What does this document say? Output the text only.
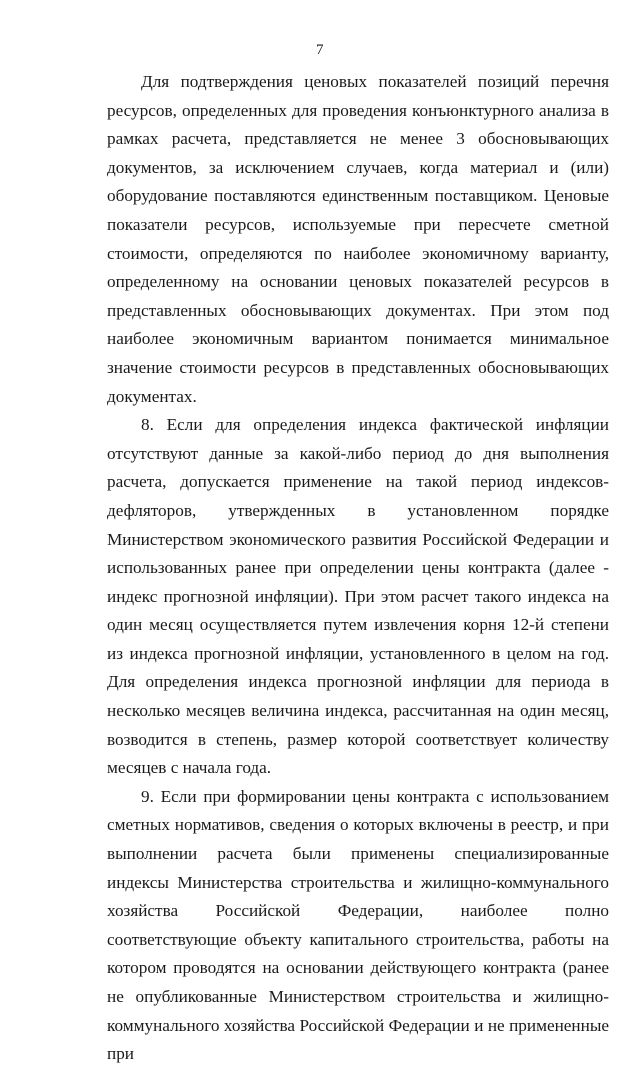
7

Для подтверждения ценовых показателей позиций перечня ресурсов, определенных для проведения конъюнктурного анализа в рамках расчета, представляется не менее 3 обосновывающих документов, за исключением случаев, когда материал и (или) оборудование поставляются единственным поставщиком. Ценовые показатели ресурсов, используемые при пересчете сметной стоимости, определяются по наиболее экономичному варианту, определенному на основании ценовых показателей ресурсов в представленных обосновывающих документах. При этом под наиболее экономичным вариантом понимается минимальное значение стоимости ресурсов в представленных обосновывающих документах.

8. Если для определения индекса фактической инфляции отсутствуют данные за какой-либо период до дня выполнения расчета, допускается применение на такой период индексов-дефляторов, утвержденных в установленном порядке Министерством экономического развития Российской Федерации и использованных ранее при определении цены контракта (далее - индекс прогнозной инфляции). При этом расчет такого индекса на один месяц осуществляется путем извлечения корня 12-й степени из индекса прогнозной инфляции, установленного в целом на год. Для определения индекса прогнозной инфляции для периода в несколько месяцев величина индекса, рассчитанная на один месяц, возводится в степень, размер которой соответствует количеству месяцев с начала года.

9. Если при формировании цены контракта с использованием сметных нормативов, сведения о которых включены в реестр, и при выполнении расчета были применены специализированные индексы Министерства строительства и жилищно-коммунального хозяйства Российской Федерации, наиболее полно соответствующие объекту капитального строительства, работы на котором проводятся на основании действующего контракта (ранее не опубликованные Министерством строительства и жилищно-коммунального хозяйства Российской Федерации и не примененные при
